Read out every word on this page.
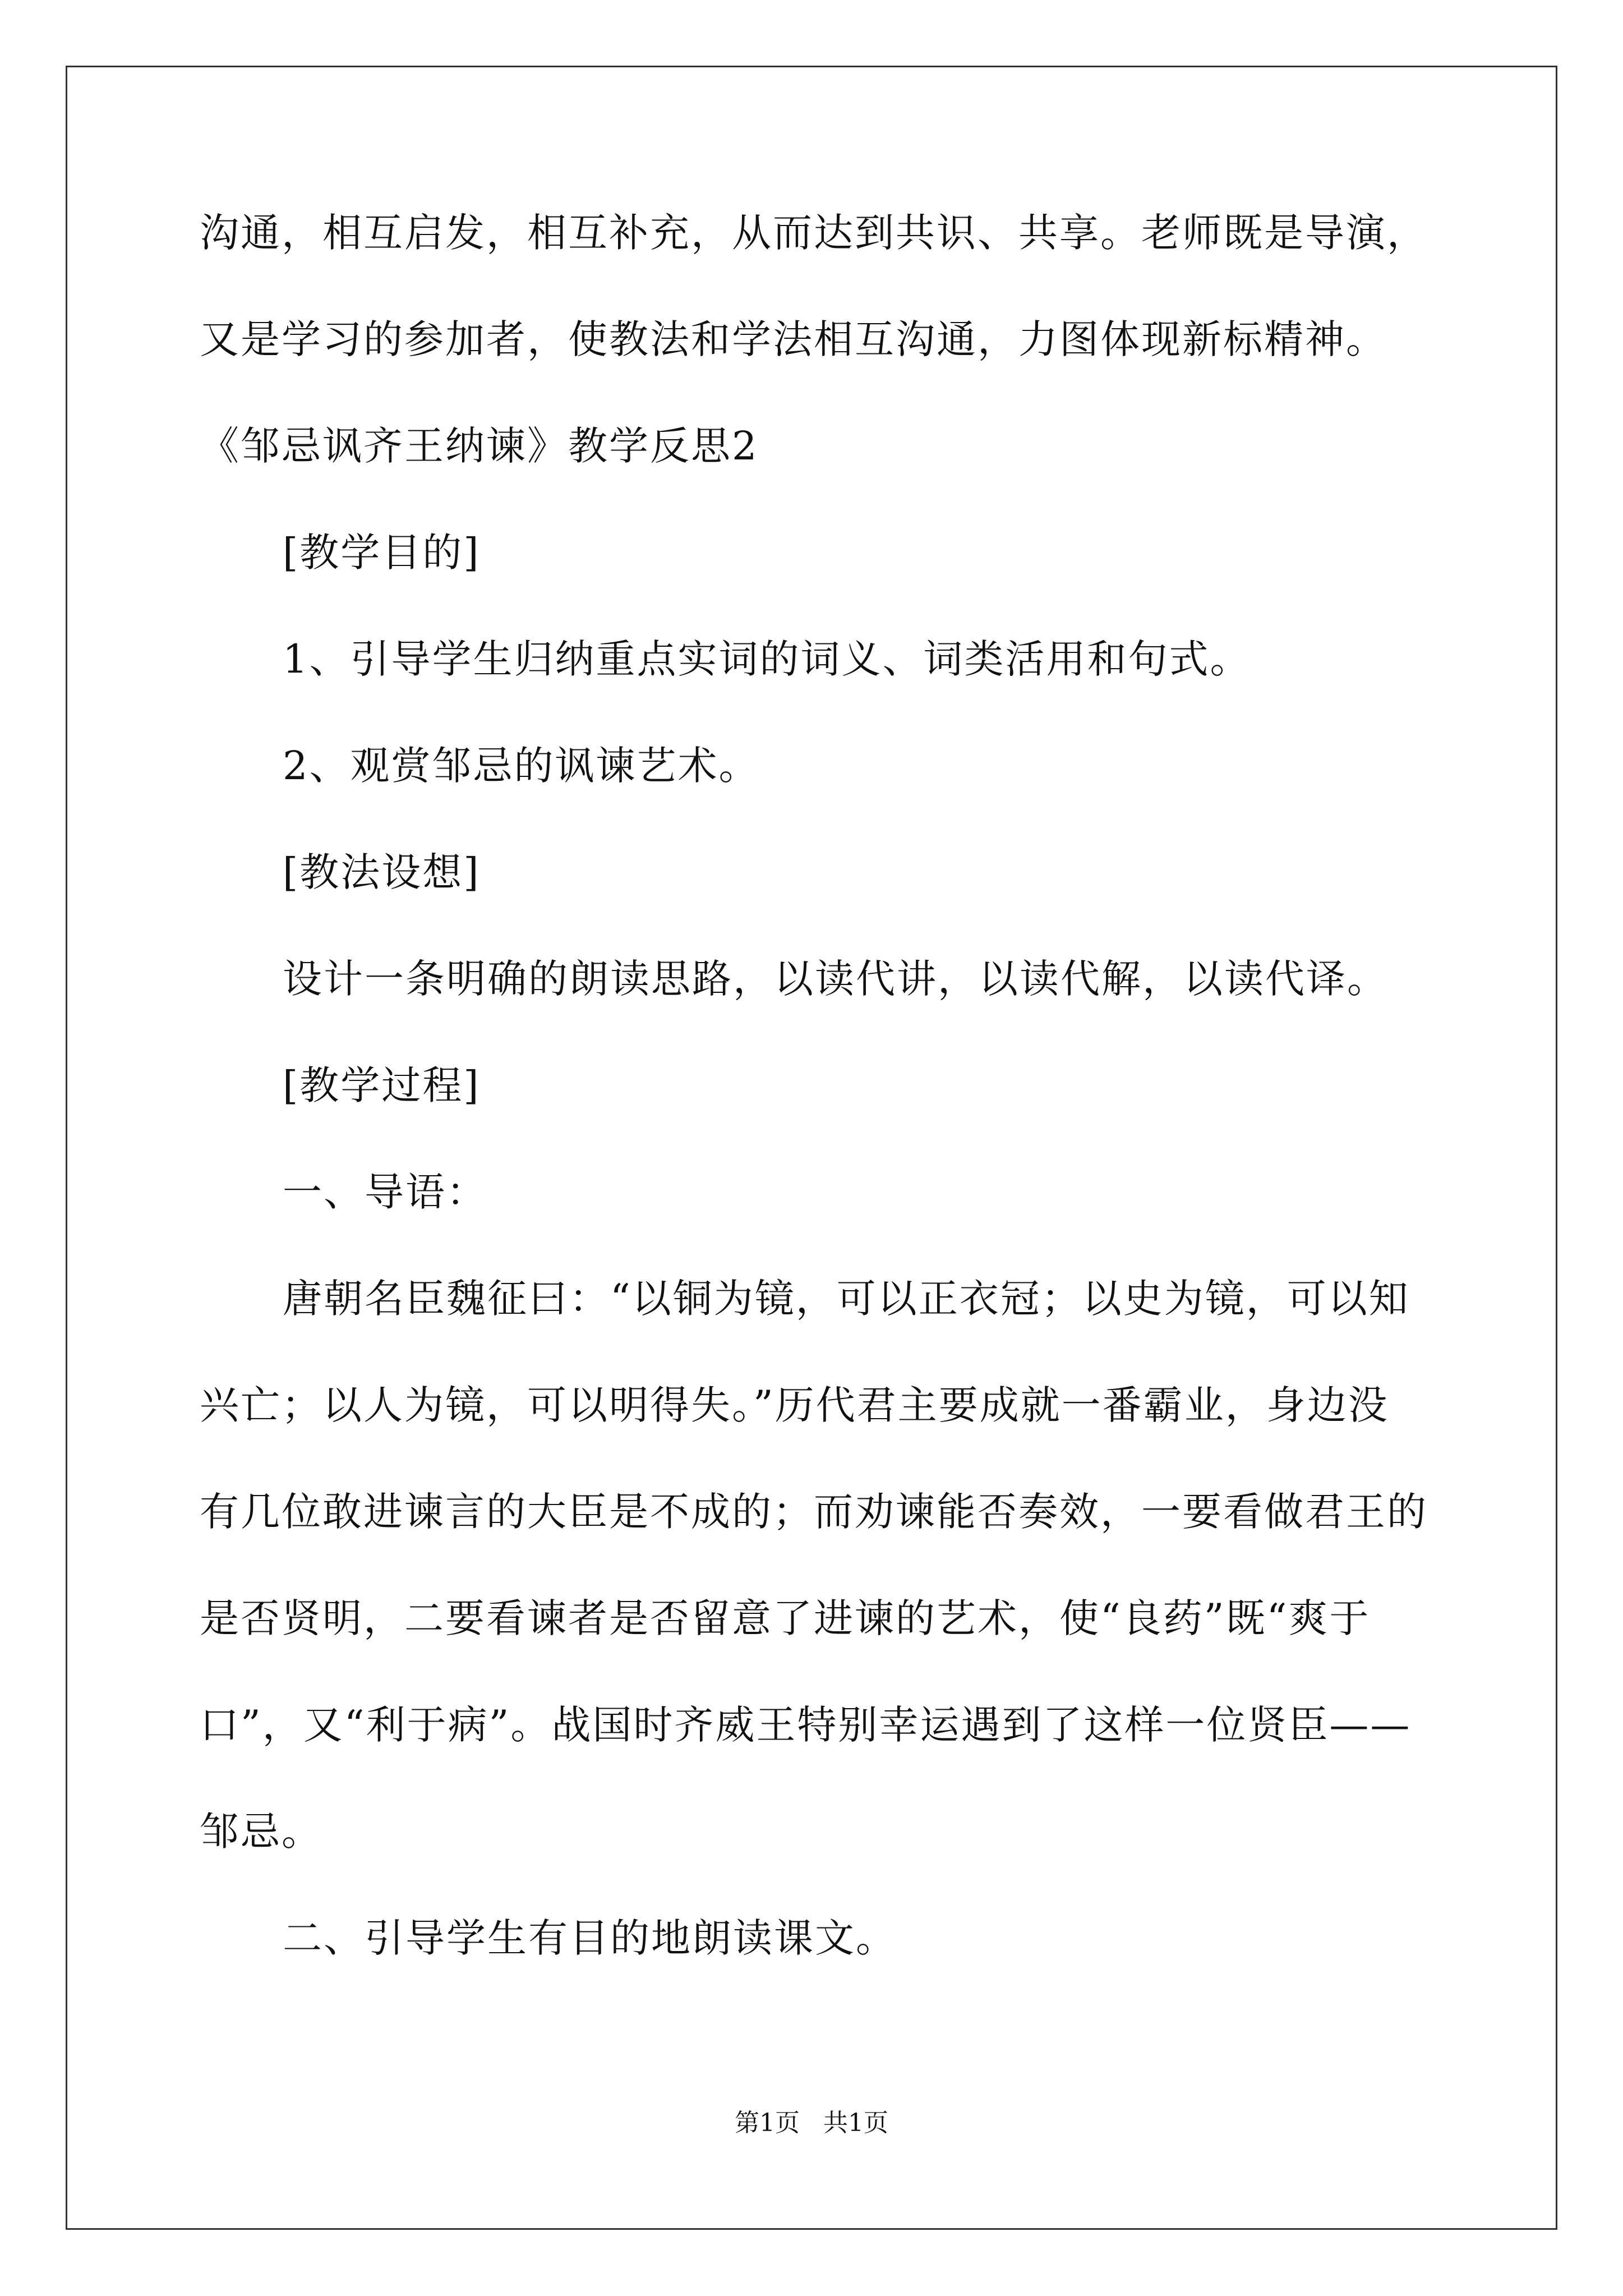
沟通，相互启发，相互补充，从而达到共识、共享。老师既是导演，
又是学习的参加者，使教法和学法相互沟通，力图体现新标精神。
《邹忌讽齐王纳谏》教学反思2
[教学目的]
1、引导学生归纳重点实词的词义、词类活用和句式。
2、观赏邹忌的讽谏艺术。
[教法设想]
设计一条明确的朗读思路，以读代讲，以读代解，以读代译。
[教学过程]
一、导语：
唐朝名臣魏征曰：“以铜为镜，可以正衣冠；以史为镜，可以知
兴亡；以人为镜，可以明得失。”历代君主要成就一番霸业，身边没
有几位敢进谏言的大臣是不成的；而劝谏能否奏效，一要看做君王的
是否贤明，二要看谏者是否留意了进谏的艺术，使“良药”既“爽于
口”，又“利于病”。战国时齐威王特别幸运遇到了这样一位贤臣——
邹忌。
二、引导学生有目的地朗读课文。
第1页   共1页
